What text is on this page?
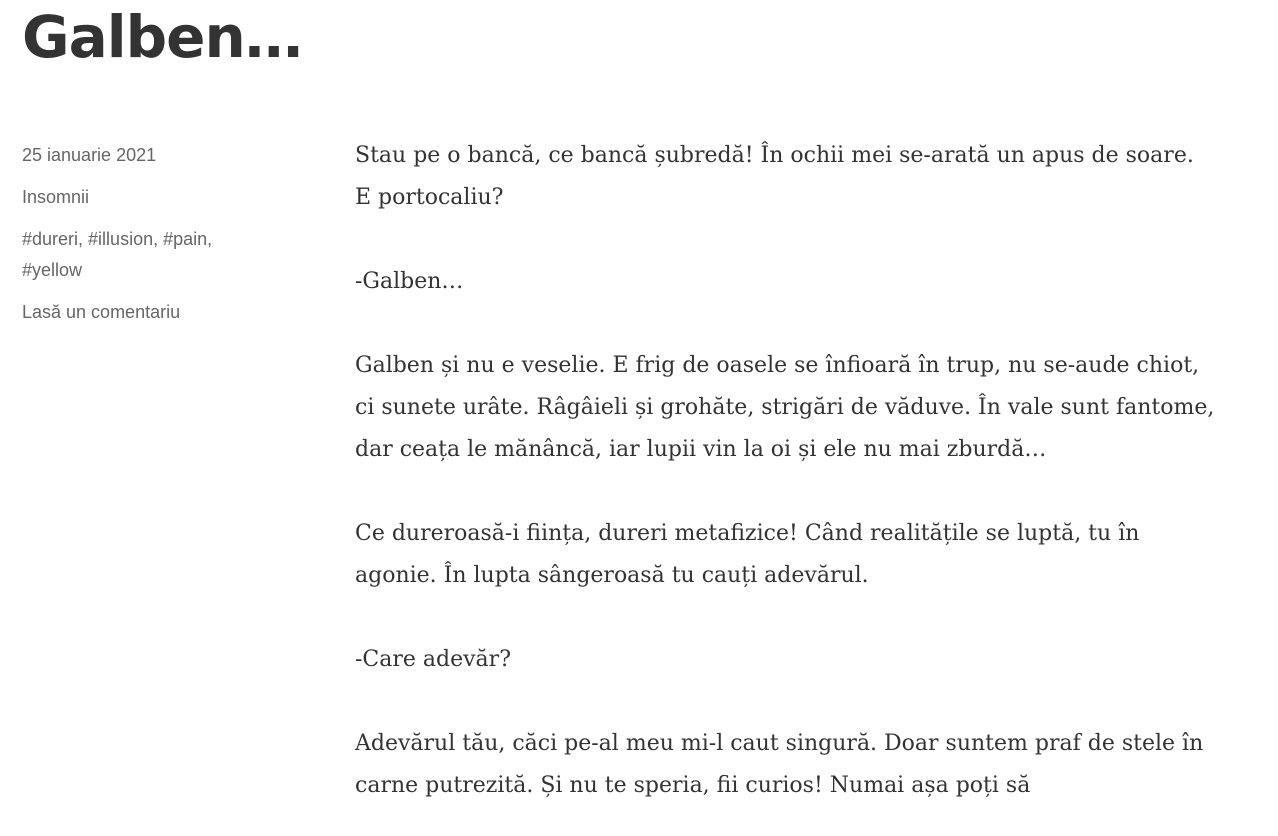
Galben…
25 ianuarie 2021
Insomnii
#dureri, #illusion, #pain,
#yellow
Lasă un comentariu

Stau pe o bancă, ce bancă șubredă! În ochii mei se-arată un apus de soare. E portocaliu?

-Galben…

Galben și nu e veselie. E frig de oasele se înfioară în trup, nu se-aude chiot, ci sunete urâte. Râgâieli și grohăte, strigări de văduve. În vale sunt fantome, dar ceața le mănâncă, iar lupii vin la oi și ele nu mai zburdă…

Ce dureroasă-i ființa, dureri metafizice! Când realitățile se luptă, tu în agonie. În lupta sângeroasă tu cauți adevărul.

-Care adevăr?

Adevărul tău, căci pe-al meu mi-l caut singură. Doar suntem praf de stele în carne putrezită. Și nu te speria, fii curios! Numai așa poți să
